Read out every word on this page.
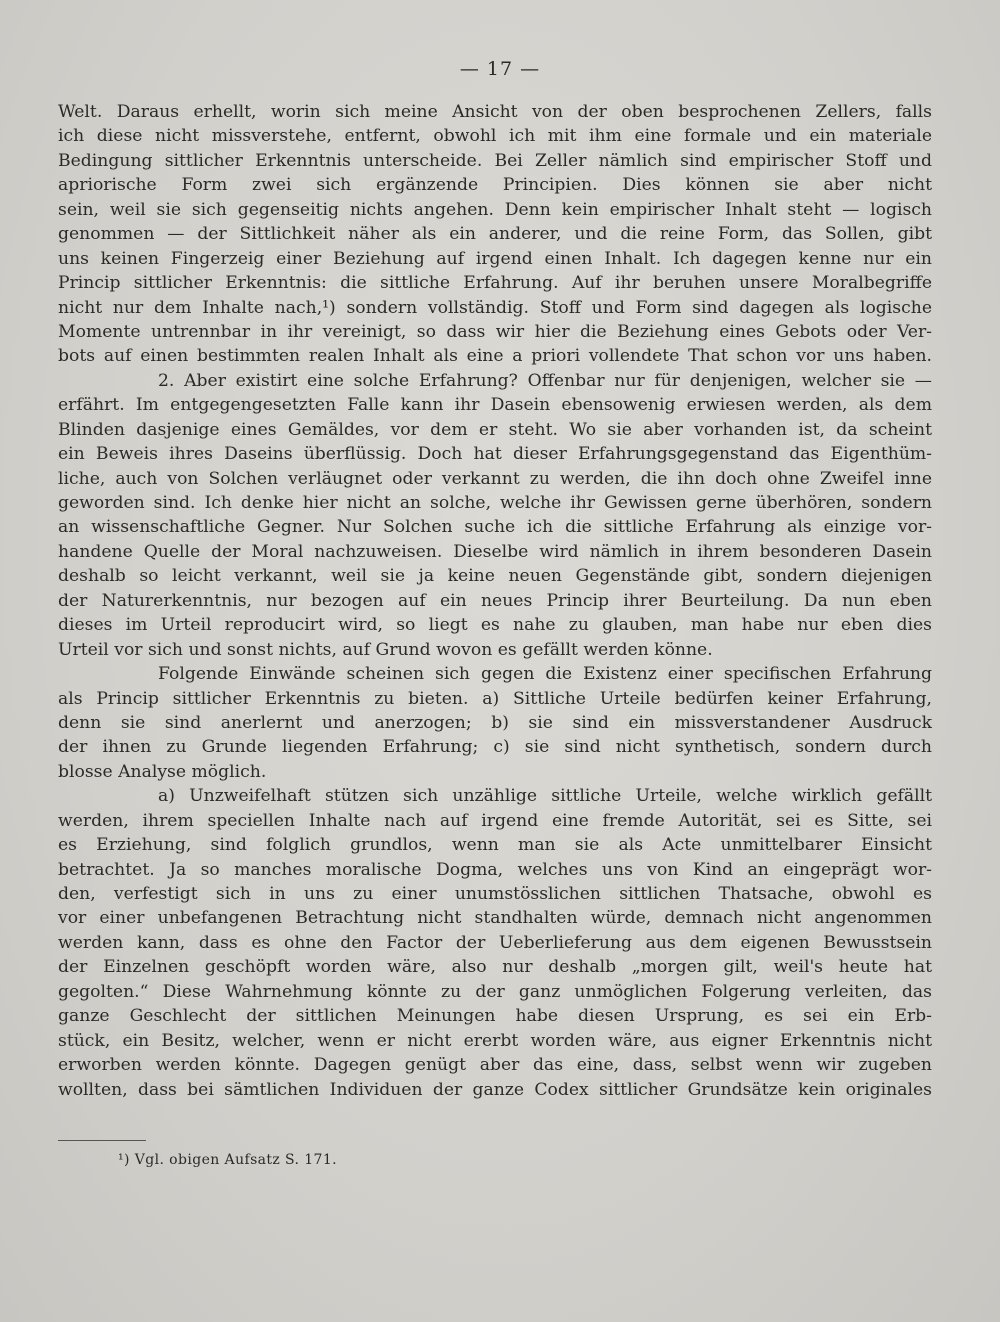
— 17 —
Welt. Daraus erhellt, worin sich meine Ansicht von der oben besprochenen Zellers, falls
ich diese nicht missverstehe, entfernt, obwohl ich mit ihm eine formale und ein materiale
Bedingung sittlicher Erkenntnis unterscheide. Bei Zeller nämlich sind empirischer Stoff und
apriorische Form zwei sich ergänzende Principien. Dies können sie aber nicht
sein, weil sie sich gegenseitig nichts angehen. Denn kein empirischer Inhalt steht — logisch
genommen — der Sittlichkeit näher als ein anderer, und die reine Form, das Sollen, gibt
uns keinen Fingerzeig einer Beziehung auf irgend einen Inhalt. Ich dagegen kenne nur ein
Princip sittlicher Erkenntnis: die sittliche Erfahrung. Auf ihr beruhen unsere Moralbegriffe
nicht nur dem Inhalte nach,¹) sondern vollständig. Stoff und Form sind dagegen als logische
Momente untrennbar in ihr vereinigt, so dass wir hier die Beziehung eines Gebots oder Ver-
bots auf einen bestimmten realen Inhalt als eine a priori vollendete That schon vor uns haben.
2. Aber existirt eine solche Erfahrung? Offenbar nur für denjenigen, welcher sie —
erfährt. Im entgegengesetzten Falle kann ihr Dasein ebensowenig erwiesen werden, als dem
Blinden dasjenige eines Gemäldes, vor dem er steht. Wo sie aber vorhanden ist, da scheint
ein Beweis ihres Daseins überflüssig. Doch hat dieser Erfahrungsgegenstand das Eigenthüm-
liche, auch von Solchen verläugnet oder verkannt zu werden, die ihn doch ohne Zweifel inne
geworden sind. Ich denke hier nicht an solche, welche ihr Gewissen gerne überhören, sondern
an wissenschaftliche Gegner. Nur Solchen suche ich die sittliche Erfahrung als einzige vor-
handene Quelle der Moral nachzuweisen. Dieselbe wird nämlich in ihrem besonderen Dasein
deshalb so leicht verkannt, weil sie ja keine neuen Gegenstände gibt, sondern diejenigen
der Naturerkenntnis, nur bezogen auf ein neues Princip ihrer Beurteilung. Da nun eben
dieses im Urteil reproducirt wird, so liegt es nahe zu glauben, man habe nur eben dies
Urteil vor sich und sonst nichts, auf Grund wovon es gefällt werden könne.
Folgende Einwände scheinen sich gegen die Existenz einer specifischen Erfahrung
als Princip sittlicher Erkenntnis zu bieten. a) Sittliche Urteile bedürfen keiner Erfahrung,
denn sie sind anerlernt und anerzogen; b) sie sind ein missverstandener Ausdruck
der ihnen zu Grunde liegenden Erfahrung; c) sie sind nicht synthetisch, sondern durch
blosse Analyse möglich.
a) Unzweifelhaft stützen sich unzählige sittliche Urteile, welche wirklich gefällt
werden, ihrem speciellen Inhalte nach auf irgend eine fremde Autorität, sei es Sitte, sei
es Erziehung, sind folglich grundlos, wenn man sie als Acte unmittelbarer Einsicht
betrachtet. Ja so manches moralische Dogma, welches uns von Kind an eingeprägt wor-
den, verfestigt sich in uns zu einer unumstösslichen sittlichen Thatsache, obwohl es
vor einer unbefangenen Betrachtung nicht standhalten würde, demnach nicht angenommen
werden kann, dass es ohne den Factor der Ueberlieferung aus dem eigenen Bewusstsein
der Einzelnen geschöpft worden wäre, also nur deshalb „morgen gilt, weil's heute hat
gegolten.“ Diese Wahrnehmung könnte zu der ganz unmöglichen Folgerung verleiten, das
ganze Geschlecht der sittlichen Meinungen habe diesen Ursprung, es sei ein Erb-
stück, ein Besitz, welcher, wenn er nicht ererbt worden wäre, aus eigner Erkenntnis nicht
erworben werden könnte. Dagegen genügt aber das eine, dass, selbst wenn wir zugeben
wollten, dass bei sämtlichen Individuen der ganze Codex sittlicher Grundsätze kein originales
¹) Vgl. obigen Aufsatz S. 171.
